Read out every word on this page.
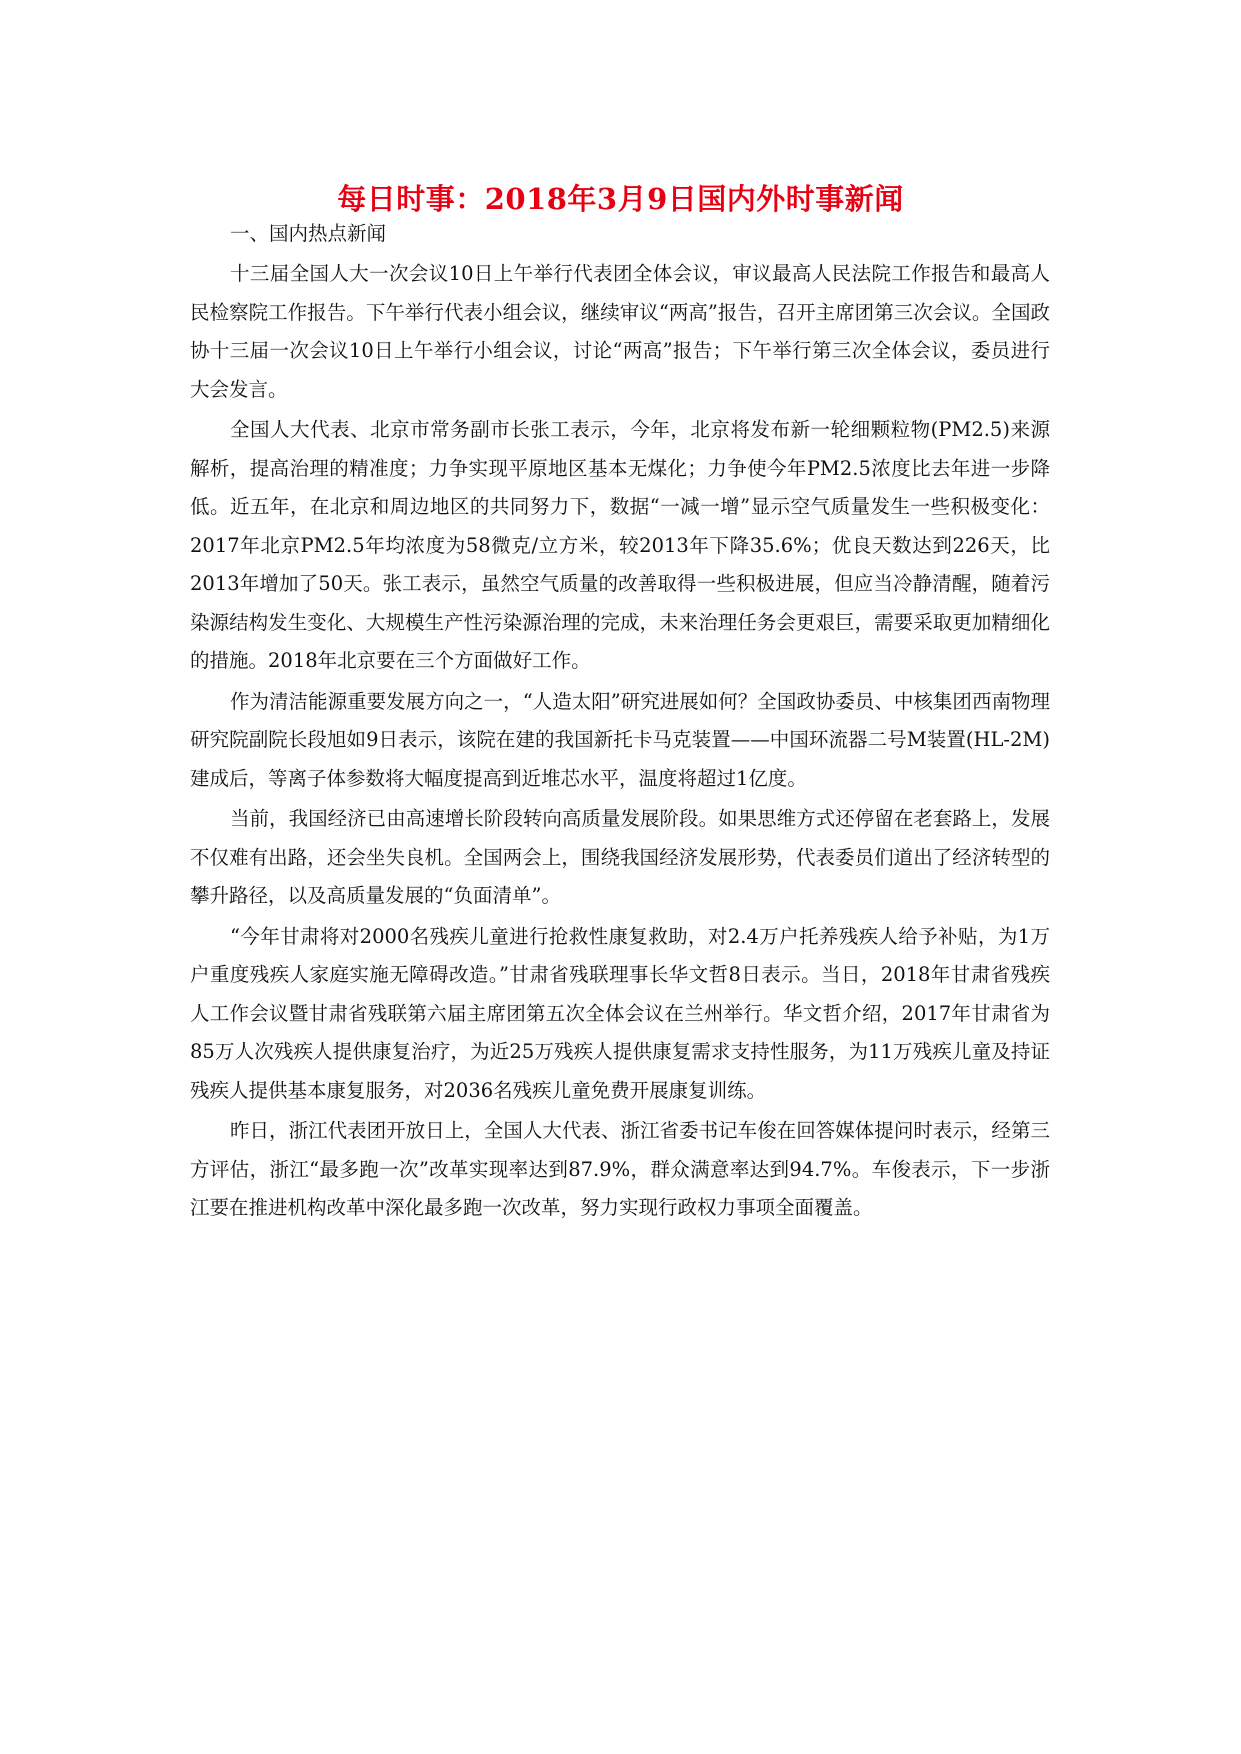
每日时事：2018年3月9日国内外时事新闻

一、国内热点新闻

十三届全国人大一次会议10日上午举行代表团全体会议，审议最高人民法院工作报告和最高人民检察院工作报告。下午举行代表小组会议，继续审议“两高”报告，召开主席团第三次会议。全国政协十三届一次会议10日上午举行小组会议，讨论“两高”报告；下午举行第三次全体会议，委员进行大会发言。

全国人大代表、北京市常务副市长张工表示，今年，北京将发布新一轮细颗粒物(PM2.5)来源解析，提高治理的精准度；力争实现平原地区基本无煤化；力争使今年PM2.5浓度比去年进一步降低。近五年，在北京和周边地区的共同努力下，数据“一减一增”显示空气质量发生一些积极变化：2017年北京PM2.5年均浓度为58微克/立方米，较2013年下降35.6%；优良天数达到226天，比2013年增加了50天。张工表示，虽然空气质量的改善取得一些积极进展，但应当冷静清醒，随着污染源结构发生变化、大规模生产性污染源治理的完成，未来治理任务会更艰巨，需要采取更加精细化的措施。2018年北京要在三个方面做好工作。

作为清洁能源重要发展方向之一，“人造太阳”研究进展如何？全国政协委员、中核集团西南物理研究院副院长段旭如9日表示，该院在建的我国新托卡马克装置——中国环流器二号M装置(HL-2M)建成后，等离子体参数将大幅度提高到近堆芯水平，温度将超过1亿度。

当前，我国经济已由高速增长阶段转向高质量发展阶段。如果思维方式还停留在老套路上，发展不仅难有出路，还会坐失良机。全国两会上，围绕我国经济发展形势，代表委员们道出了经济转型的攀升路径，以及高质量发展的“负面清单”。

“今年甘肃将对2000名残疾儿童进行抢救性康复救助，对2.4万户托养残疾人给予补贴，为1万户重度残疾人家庭实施无障碍改造。”甘肃省残联理事长华文哲8日表示。当日，2018年甘肃省残疾人工作会议暨甘肃省残联第六届主席团第五次全体会议在兰州举行。华文哲介绍，2017年甘肃省为85万人次残疾人提供康复治疗，为近25万残疾人提供康复需求支持性服务，为11万残疾儿童及持证残疾人提供基本康复服务，对2036名残疾儿童免费开展康复训练。

昨日，浙江代表团开放日上，全国人大代表、浙江省委书记车俊在回答媒体提问时表示，经第三方评估，浙江“最多跑一次”改革实现率达到87.9%，群众满意率达到94.7%。车俊表示，下一步浙江要在推进机构改革中深化最多跑一次改革，努力实现行政权力事项全面覆盖。
